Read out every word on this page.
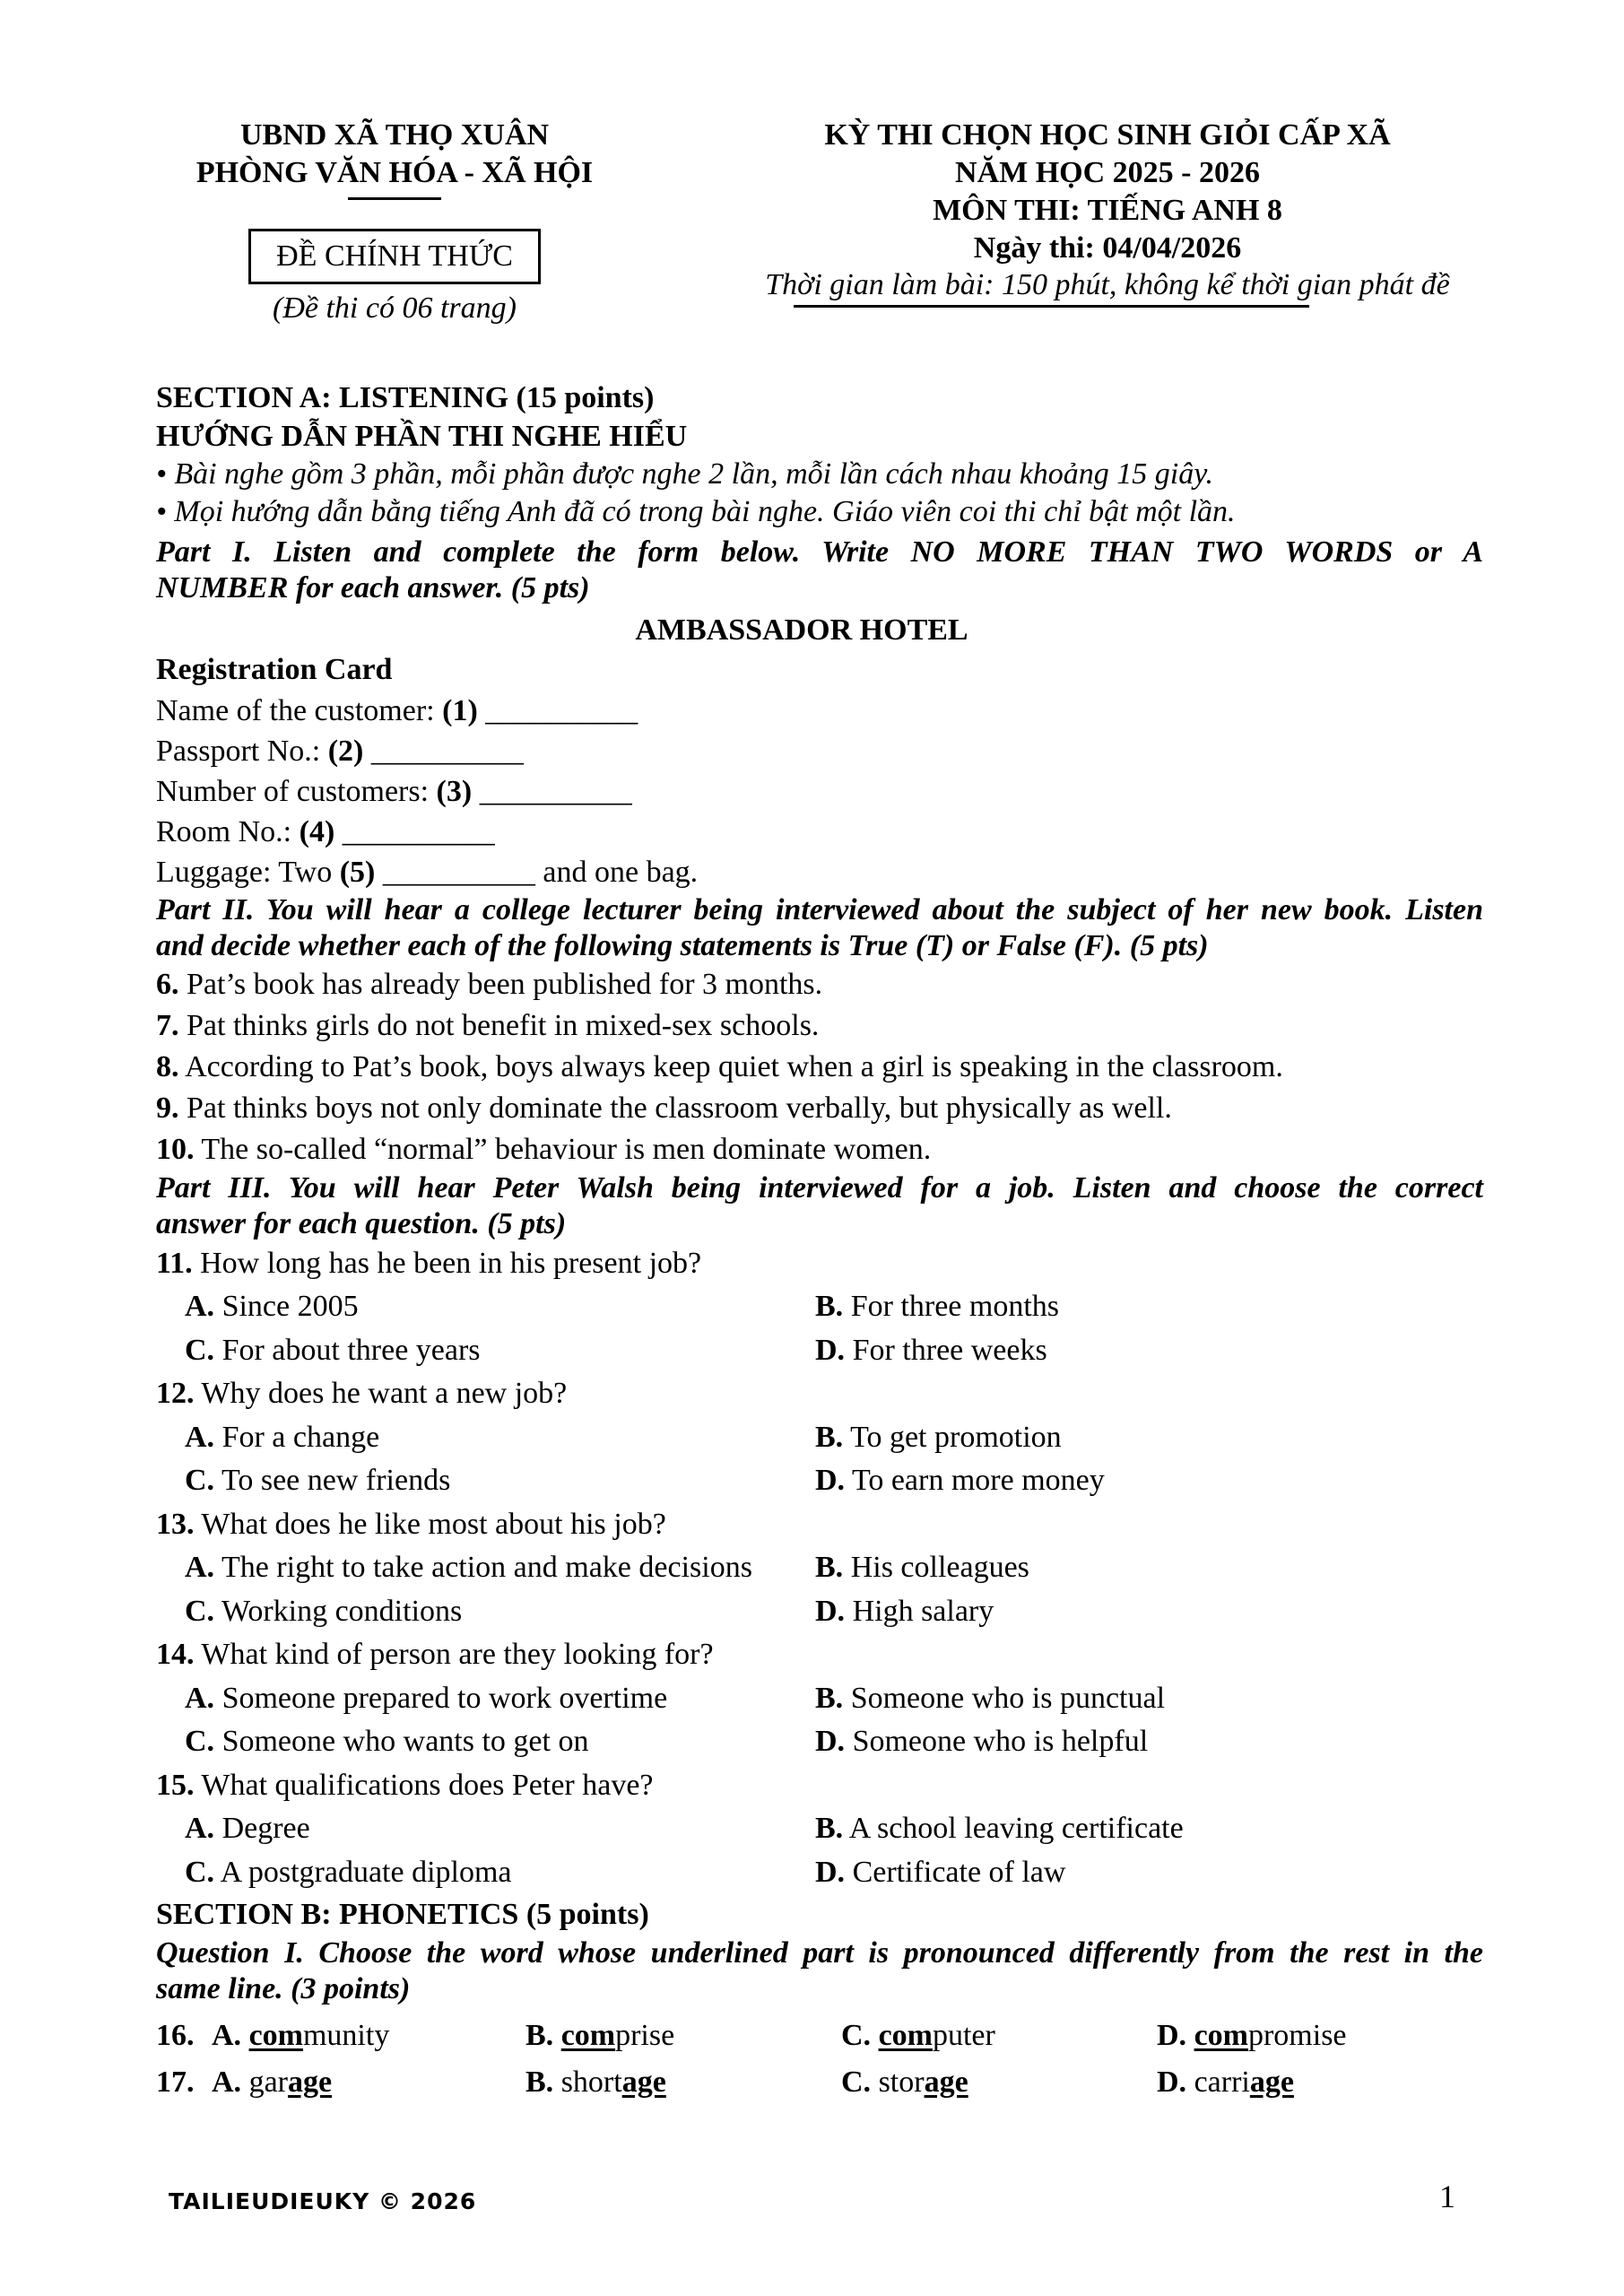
UBND XÃ THỌ XUÂN
PHÒNG VĂN HÓA - XÃ HỘI
ĐỀ CHÍNH THỨC
(Đề thi có 06 trang)
KỲ THI CHỌN HỌC SINH GIỎI CẤP XÃ
NĂM HỌC 2025 - 2026
MÔN THI: TIẾNG ANH 8
Ngày thi: 04/04/2026
Thời gian làm bài: 150 phút, không kể thời gian phát đề
SECTION A: LISTENING (15 points)
HƯỚNG DẪN PHẦN THI NGHE HIỂU
• Bài nghe gồm 3 phần, mỗi phần được nghe 2 lần, mỗi lần cách nhau khoảng 15 giây.
• Mọi hướng dẫn bằng tiếng Anh đã có trong bài nghe. Giáo viên coi thi chỉ bật một lần.
Part I. Listen and complete the form below. Write NO MORE THAN TWO WORDS or A
NUMBER for each answer. (5 pts)
AMBASSADOR HOTEL
Registration Card
Name of the customer: (1) __________
Passport No.: (2) __________
Number of customers: (3) __________
Room No.: (4) __________
Luggage: Two (5) __________ and one bag.
Part II. You will hear a college lecturer being interviewed about the subject of her new book. Listen
and decide whether each of the following statements is True (T) or False (F). (5 pts)
6. Pat’s book has already been published for 3 months.
7. Pat thinks girls do not benefit in mixed-sex schools.
8. According to Pat’s book, boys always keep quiet when a girl is speaking in the classroom.
9. Pat thinks boys not only dominate the classroom verbally, but physically as well.
10. The so-called “normal” behaviour is men dominate women.
Part III. You will hear Peter Walsh being interviewed for a job. Listen and choose the correct
answer for each question. (5 pts)
11. How long has he been in his present job?
A. Since 2005	B. For three months
C. For about three years	D. For three weeks
12. Why does he want a new job?
A. For a change	B. To get promotion
C. To see new friends	D. To earn more money
13. What does he like most about his job?
A. The right to take action and make decisions	B. His colleagues
C. Working conditions	D. High salary
14. What kind of person are they looking for?
A. Someone prepared to work overtime	B. Someone who is punctual
C. Someone who wants to get on	D. Someone who is helpful
15. What qualifications does Peter have?
A. Degree	B. A school leaving certificate
C. A postgraduate diploma	D. Certificate of law
SECTION B: PHONETICS (5 points)
Question I. Choose the word whose underlined part is pronounced differently from the rest in the
same line. (3 points)
16. A. community	B. comprise	C. computer	D. compromise
17. A. garage	B. shortage	C. storage	D. carriage
TAILIEUDIEUKY © 2026	1
